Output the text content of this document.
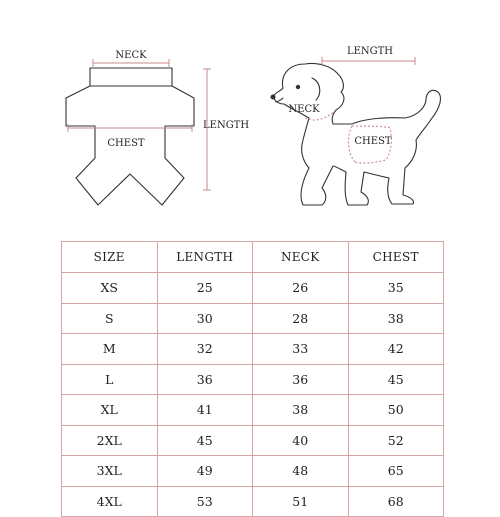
NECK
CHEST
LENGTH
LENGTH
NECK
CHEST
SIZE	LENGTH	NECK	CHEST
XS	25	26	35
S	30	28	38
M	32	33	42
L	36	36	45
XL	41	38	50
2XL	45	40	52
3XL	49	48	65
4XL	53	51	68
